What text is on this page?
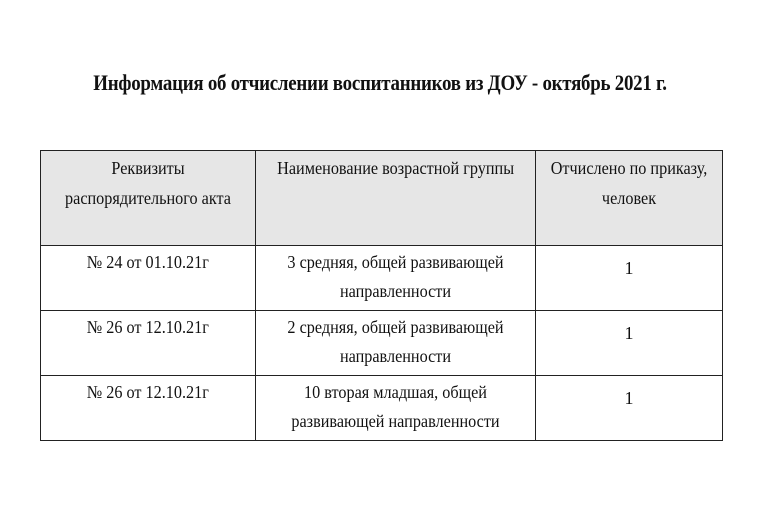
Информация об отчислении воспитанников из ДОУ - октябрь 2021 г.
Реквизиты распорядительного акта	Наименование возрастной группы	Отчислено по приказу, человек
№ 24 от 01.10.21г	3 средняя, общей развивающей направленности	1
№ 26 от 12.10.21г	2 средняя, общей развивающей направленности	1
№ 26 от 12.10.21г	10 вторая младшая, общей развивающей направленности	1
